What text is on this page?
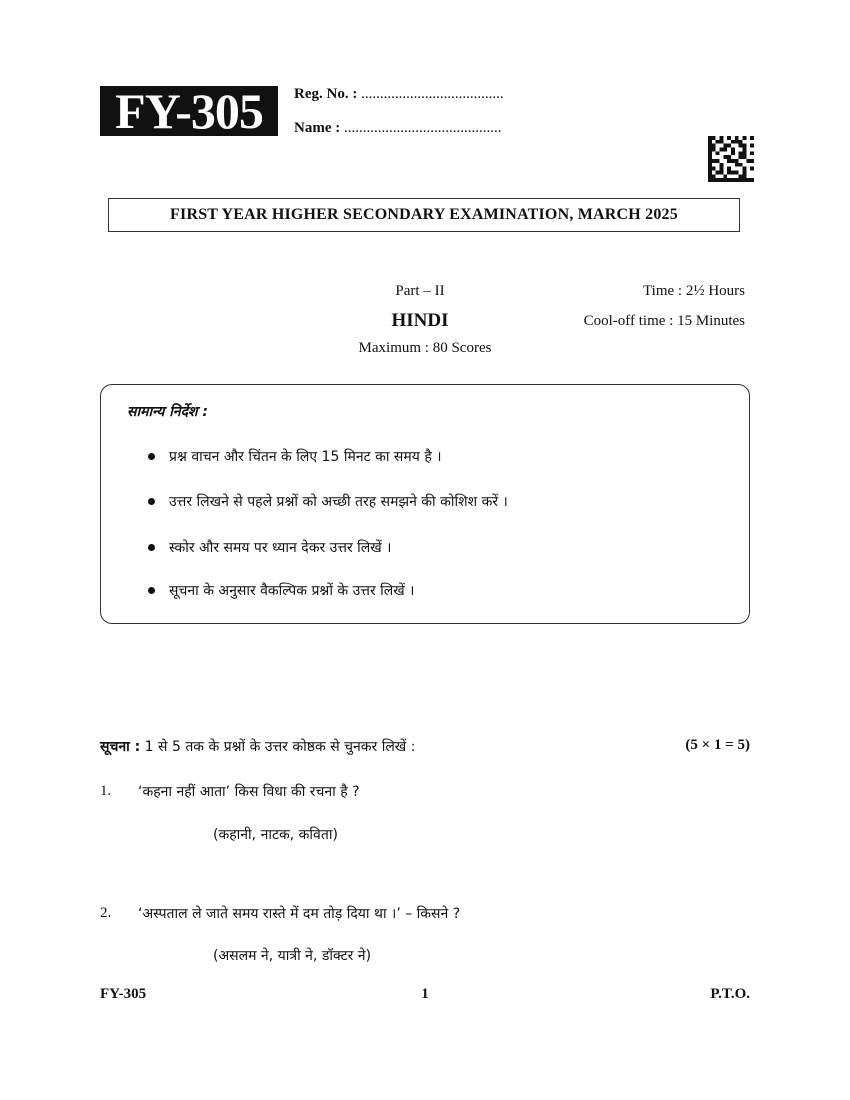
FY-305	Reg. No. : ......................................
Name : ..........................................
FIRST YEAR HIGHER SECONDARY EXAMINATION, MARCH 2025
Part – II
HINDI
Maximum : 80 Scores
Time : 2½ Hours
Cool-off time : 15 Minutes
सामान्य निर्देश :
प्रश्न वाचन और चिंतन के लिए 15 मिनट का समय है ।
उत्तर लिखने से पहले प्रश्नों को अच्छी तरह समझने की कोशिश करें ।
स्कोर और समय पर ध्यान देकर उत्तर लिखें ।
सूचना के अनुसार वैकल्पिक प्रश्नों के उत्तर लिखें ।
सूचना : 1 से 5 तक के प्रश्नों के उत्तर कोष्ठक से चुनकर लिखें :	(5 × 1 = 5)
1. ‘कहना नहीं आता’ किस विधा की रचना है ?
(कहानी, नाटक, कविता)
2. ‘अस्पताल ले जाते समय रास्ते में दम तोड़ दिया था ।’ – किसने ?
(असलम ने, यात्री ने, डॉक्टर ने)
FY-305	1	P.T.O.
